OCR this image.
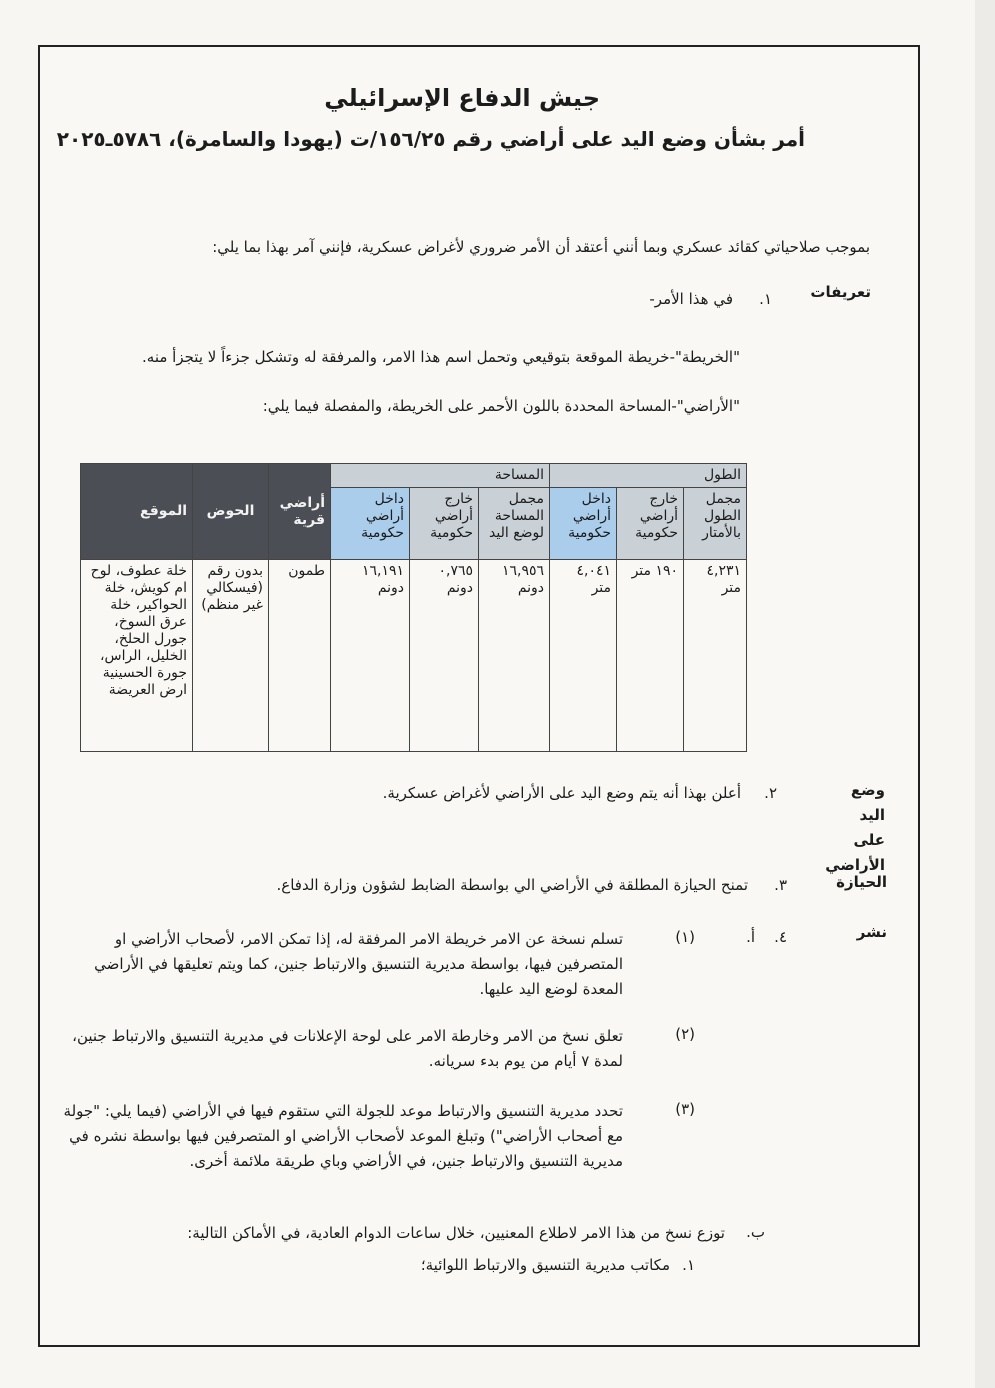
جيش الدفاع الإسرائيلي
أمر بشأن وضع اليد على أراضي رقم ١٥٦/٢٥/ت (يهودا والسامرة)، ٥٧٨٦ـ٢٠٢٥
بموجب صلاحياتي كقائد عسكري وبما أنني أعتقد أن الأمر ضروري لأغراض عسكرية، فإنني آمر بهذا بما يلي:
تعريفات
١.
في هذا الأمر-
"الخريطة"-خريطة الموقعة بتوقيعي وتحمل اسم هذا الامر، والمرفقة له وتشكل جزءاً لا يتجزأ منه.
"الأراضي"-المساحة المحددة باللون الأحمر على الخريطة، والمفصلة فيما يلي:
الطول			المساحة			أراضي قرية	الحوض	الموقع
مجمل الطول بالأمتار	خارج أراضي حكومية	داخل أراضي حكومية	مجمل المساحة لوضع اليد	خارج أراضي حكومية	داخل أراضي حكومية			
٤,٢٣١ متر	١٩٠ متر	٤,٠٤١ متر	١٦,٩٥٦ دونم	٠,٧٦٥ دونم	١٦,١٩١ دونم	طمون	بدون رقم (فيسكالي غير منظم)	خلة عطوف، لوح ام كويش، خلة الحواكير، خلة عرق السوخ، جورل الحلخ، الخليل، الراس، جورة الحسينية ارض العريضة
وضع اليد على الأراضي
٢.
أعلن بهذا أنه يتم وضع اليد على الأراضي لأغراض عسكرية.
الحيازة
٣.
تمنح الحيازة المطلقة في الأراضي الي بواسطة الضابط لشؤون وزارة الدفاع.
نشر
٤.
أ.
(١)
تسلم نسخة عن الامر خريطة الامر المرفقة له، إذا تمكن الامر، لأصحاب الأراضي او المتصرفين فيها، بواسطة مديرية التنسيق والارتباط جنين، كما ويتم تعليقها في الأراضي المعدة لوضع اليد عليها.
(٢)
تعلق نسخ من الامر وخارطة الامر على لوحة الإعلانات في مديرية التنسيق والارتباط جنين، لمدة ٧ أيام من يوم بدء سريانه.
(٣)
تحدد مديرية التنسيق والارتباط موعد للجولة التي ستقوم فيها في الأراضي (فيما يلي: "جولة مع أصحاب الأراضي") وتبلغ الموعد لأصحاب الأراضي او المتصرفين فيها بواسطة نشره في مديرية التنسيق والارتباط جنين، في الأراضي وباي طريقة ملائمة أخرى.
ب.
توزع نسخ من هذا الامر لاطلاع المعنيين، خلال ساعات الدوام العادية، في الأماكن التالية:
١.
مكاتب مديرية التنسيق والارتباط اللوائية؛
